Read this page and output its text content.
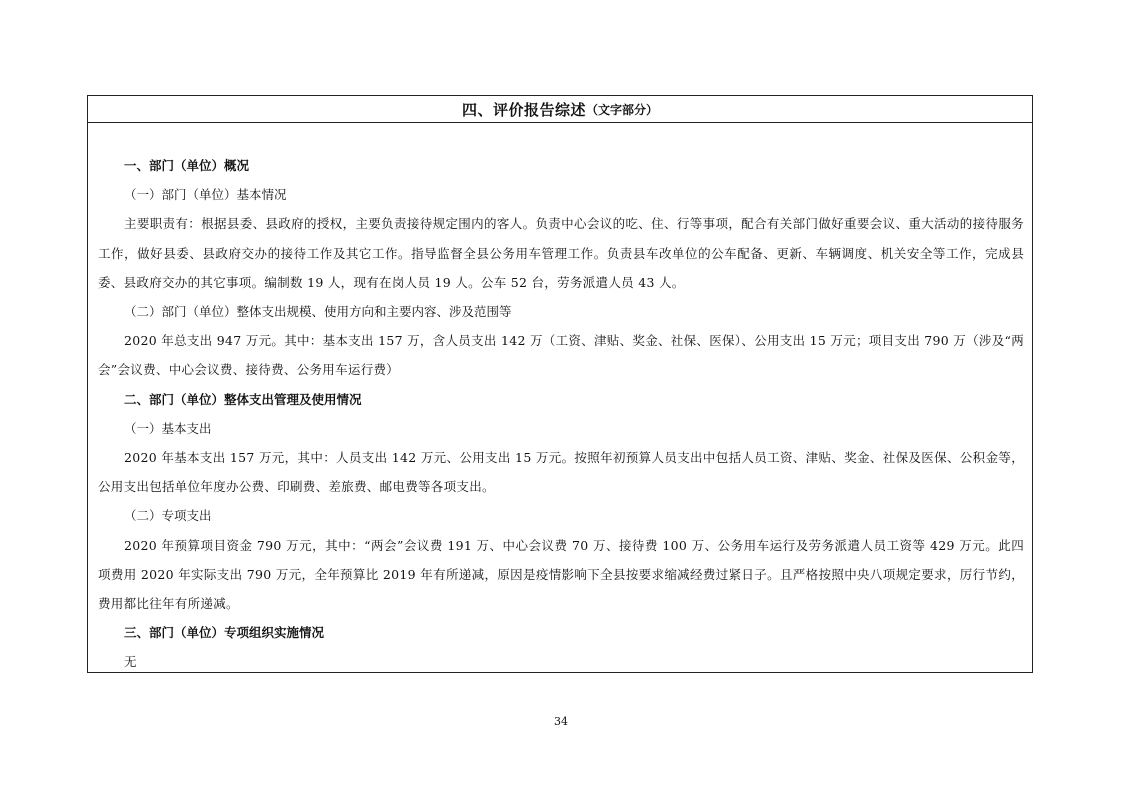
四、评价报告综述 （文字部分）
一、部门（单位）概况
（一）部门（单位）基本情况
主要职责有：根据县委、县政府的授权，主要负责接待规定围内的客人。负责中心会议的吃、住、行等事项，配合有关部门做好重要会议、重大活动的接待服务工作，做好县委、县政府交办的接待工作及其它工作。指导监督全县公务用车管理工作。负责县车改单位的公车配备、更新、车辆调度、机关安全等工作，完成县委、县政府交办的其它事项。编制数 19 人，现有在岗人员 19 人。公车 52 台，劳务派遣人员 43 人。
（二）部门（单位）整体支出规模、使用方向和主要内容、涉及范围等
2020 年总支出 947 万元。其中：基本支出 157 万，含人员支出 142 万（工资、津贴、奖金、社保、医保）、公用支出 15 万元；项目支出 790 万（涉及“两会”会议费、中心会议费、接待费、公务用车运行费）
二、部门（单位）整体支出管理及使用情况
（一）基本支出
2020 年基本支出 157 万元，其中：人员支出 142 万元、公用支出 15 万元。按照年初预算人员支出中包括人员工资、津贴、奖金、社保及医保、公积金等，公用支出包括单位年度办公费、印刷费、差旅费、邮电费等各项支出。
（二）专项支出
2020 年预算项目资金 790 万元，其中：“两会”会议费 191 万、中心会议费 70 万、接待费 100 万、公务用车运行及劳务派遣人员工资等 429 万元。此四项费用 2020 年实际支出 790 万元，全年预算比 2019 年有所递减，原因是疫情影响下全县按要求缩减经费过紧日子。且严格按照中央八项规定要求，厉行节约，费用都比往年有所递减。
三、部门（单位）专项组织实施情况
无
34
